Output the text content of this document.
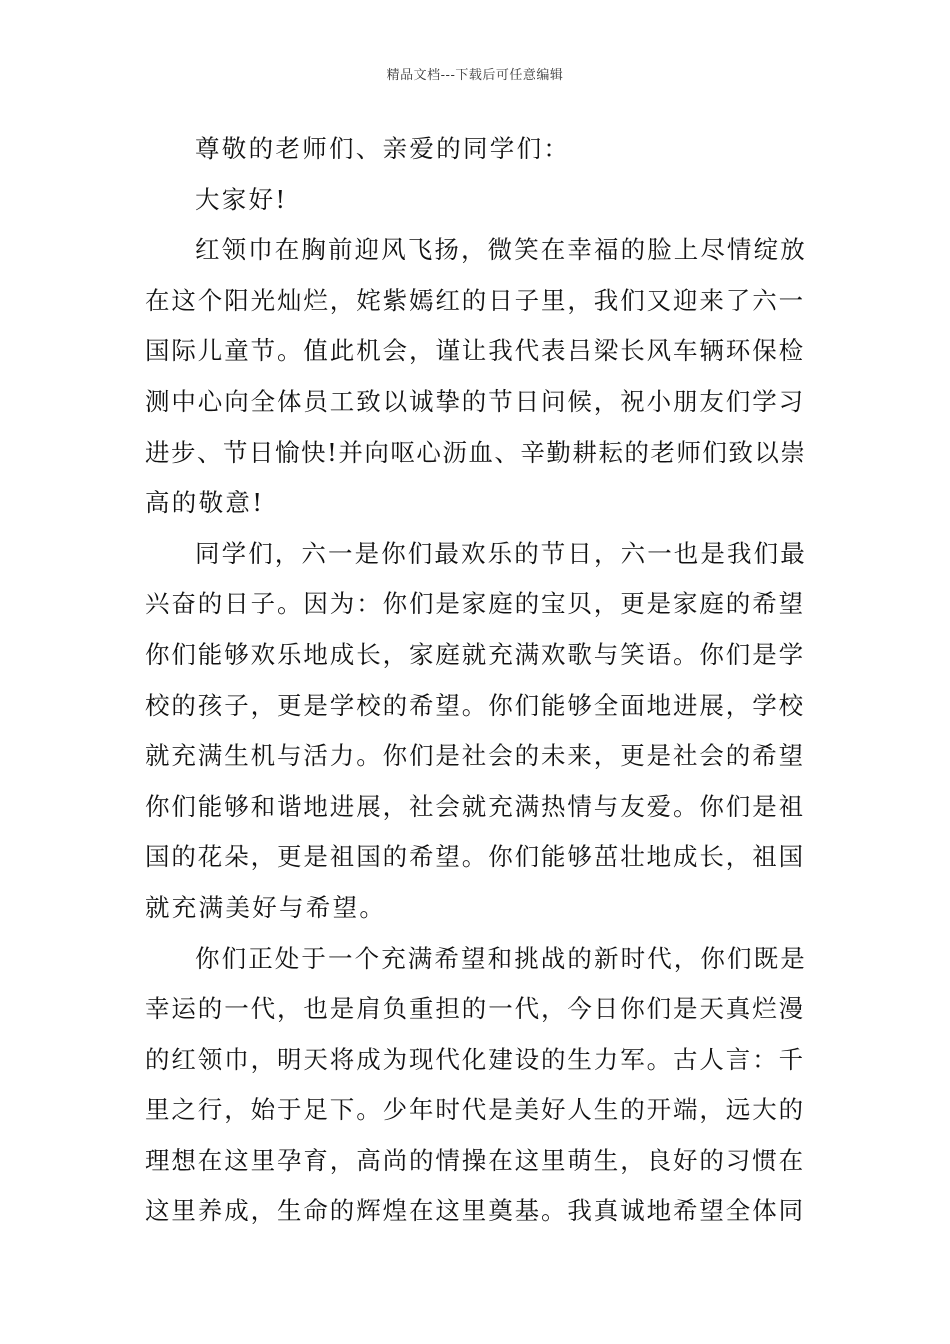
精品文档---下载后可任意编辑
尊敬的老师们、亲爱的同学们：
大家好!
红领巾在胸前迎风飞扬，微笑在幸福的脸上尽情绽放
在这个阳光灿烂，姹紫嫣红的日子里，我们又迎来了六一
国际儿童节。值此机会，谨让我代表吕梁长风车辆环保检
测中心向全体员工致以诚挚的节日问候，祝小朋友们学习
进步、节日愉快!并向呕心沥血、辛勤耕耘的老师们致以崇
高的敬意!
同学们，六一是你们最欢乐的节日，六一也是我们最
兴奋的日子。因为：你们是家庭的宝贝，更是家庭的希望
你们能够欢乐地成长，家庭就充满欢歌与笑语。你们是学
校的孩子，更是学校的希望。你们能够全面地进展，学校
就充满生机与活力。你们是社会的未来，更是社会的希望
你们能够和谐地进展，社会就充满热情与友爱。你们是祖
国的花朵，更是祖国的希望。你们能够茁壮地成长，祖国
就充满美好与希望。
你们正处于一个充满希望和挑战的新时代，你们既是
幸运的一代，也是肩负重担的一代，今日你们是天真烂漫
的红领巾，明天将成为现代化建设的生力军。古人言：千
里之行，始于足下。少年时代是美好人生的开端，远大的
理想在这里孕育，高尚的情操在这里萌生，良好的习惯在
这里养成，生命的辉煌在这里奠基。我真诚地希望全体同
